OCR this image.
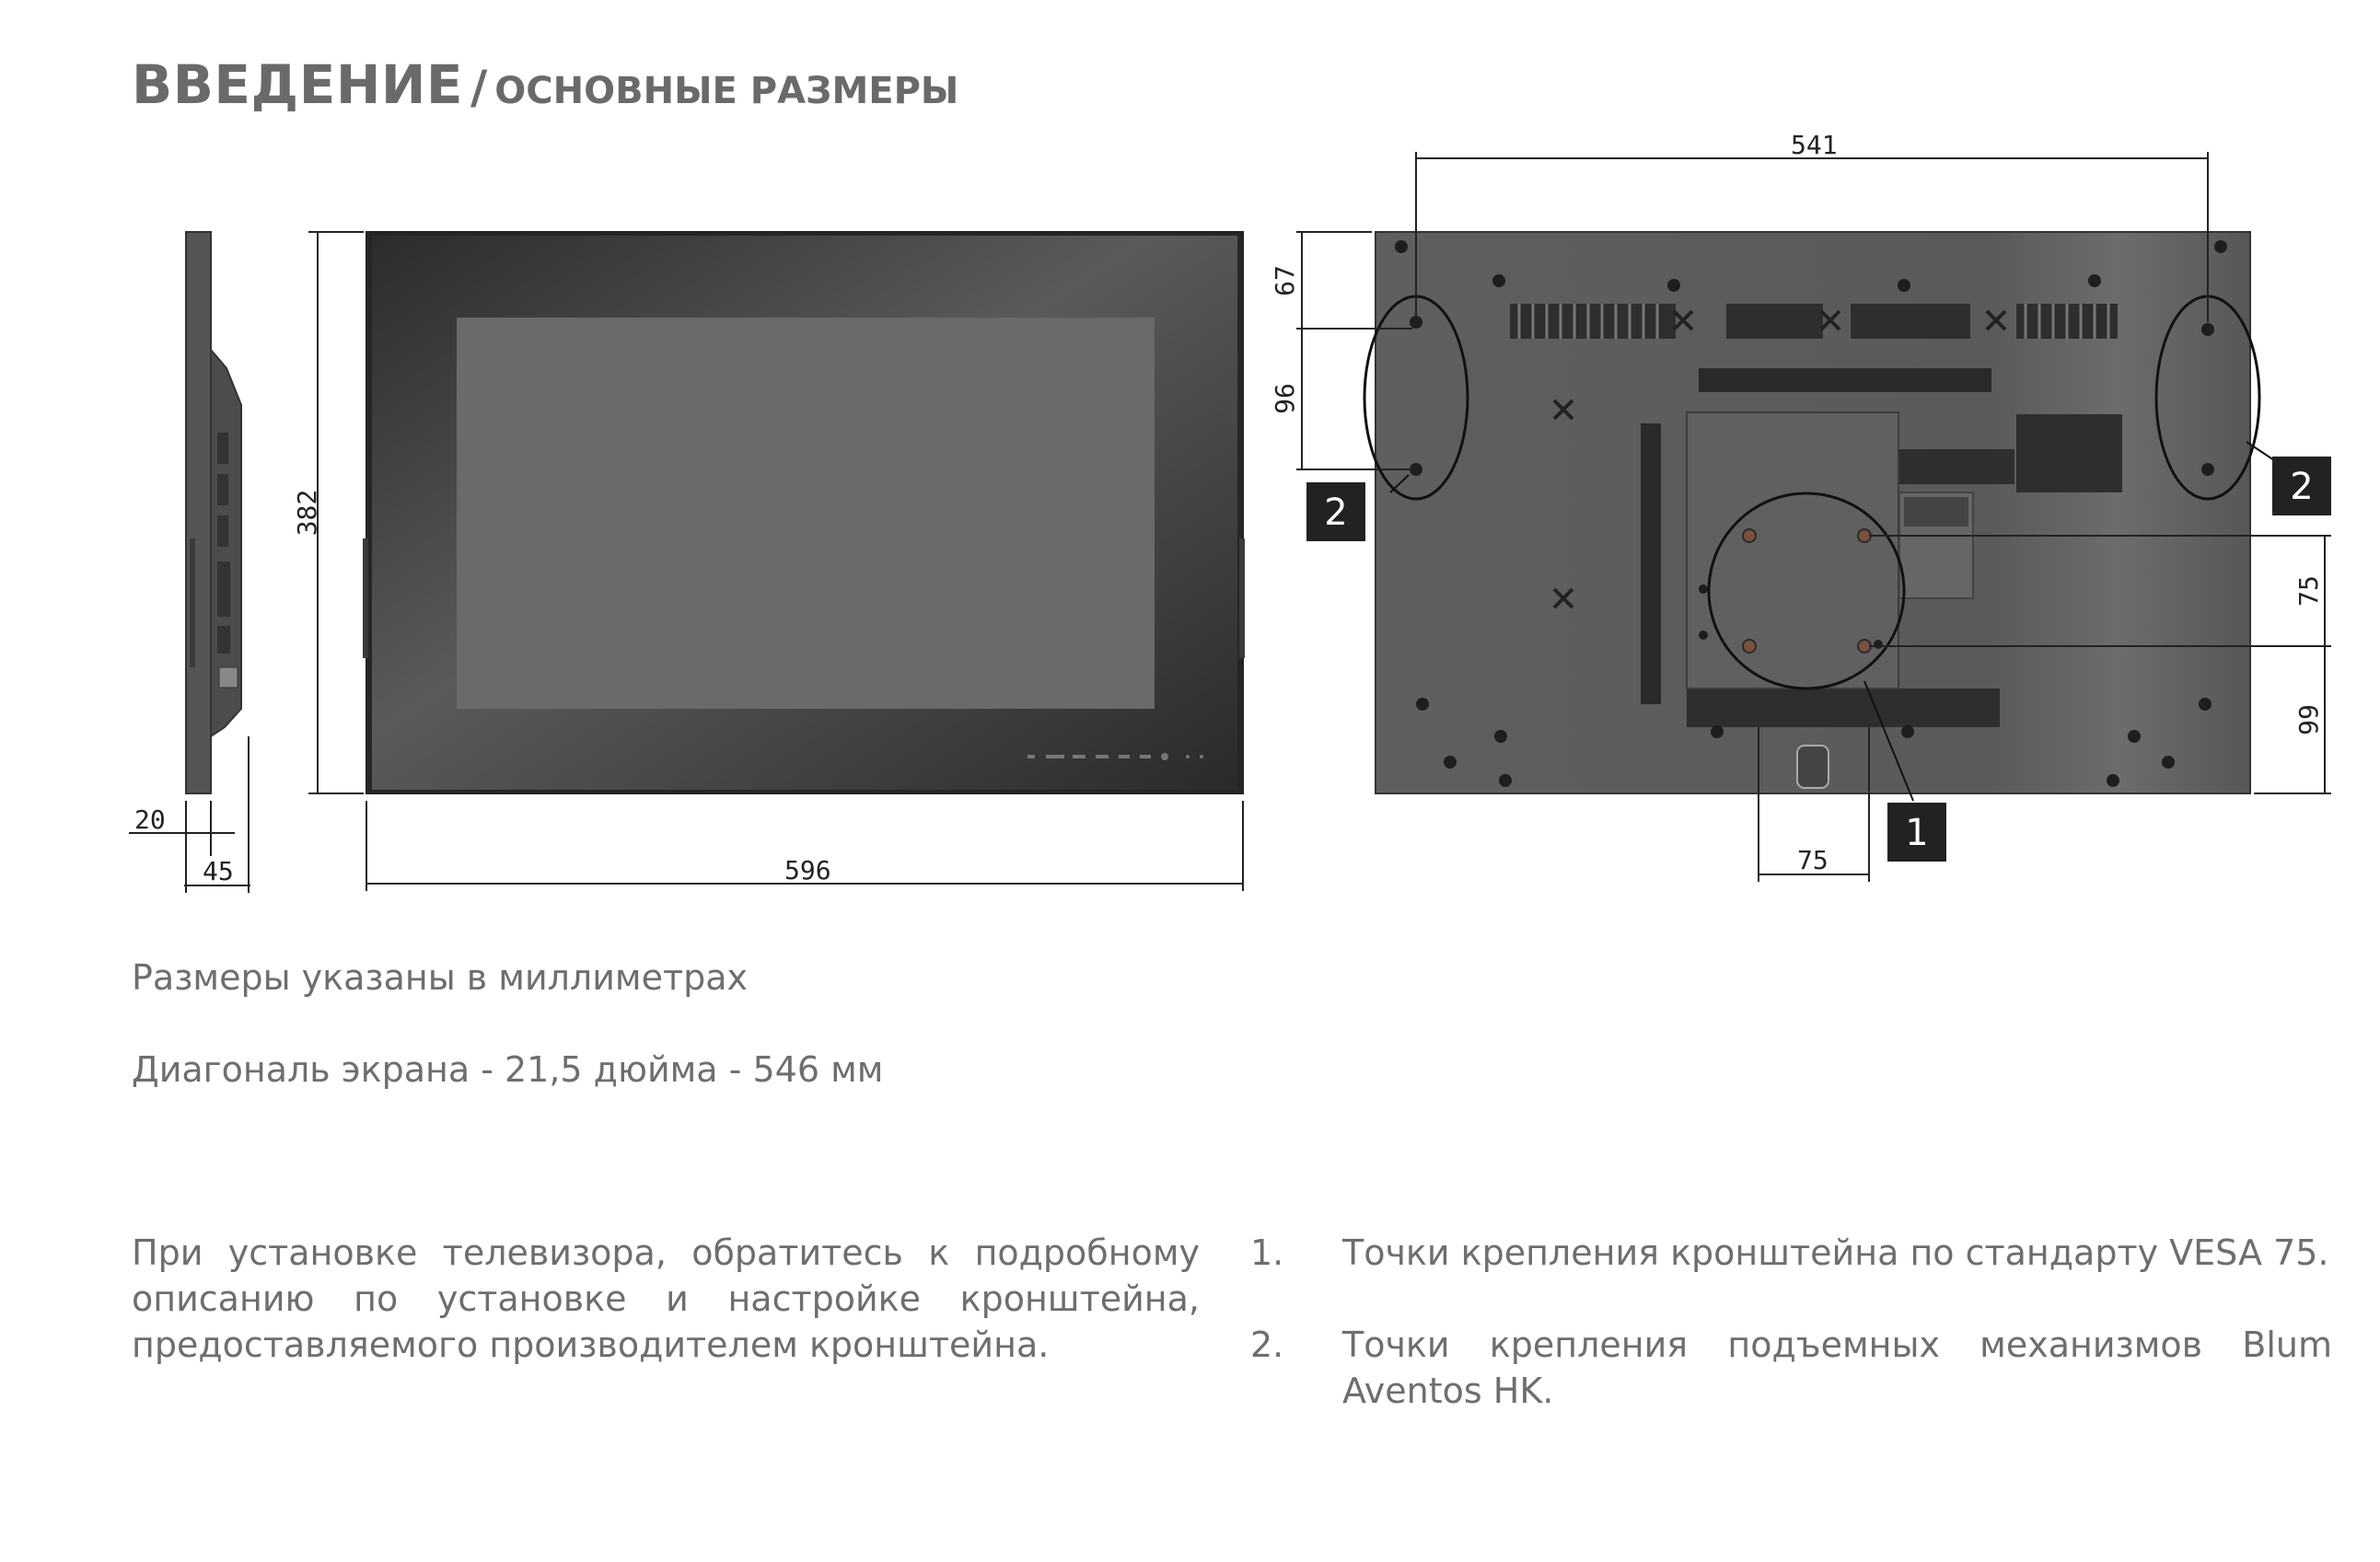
ВВЕДЕНИЕ / ОСНОВНЫЕ РАЗМЕРЫ
20
45	596
382
541
67
96
75
99
75
2
2
1
Размеры указаны в миллиметрах
Диагональ экрана - 21,5 дюйма - 546 мм
При установке телевизора, обратитесь к подробному описанию по установке и настройке кронштейна, предоставляемого производителем кронштейна.
1. Точки крепления кронштейна по стандарту VESA 75.
2. Точки крепления подъемных механизмов Blum Aventos HK.
